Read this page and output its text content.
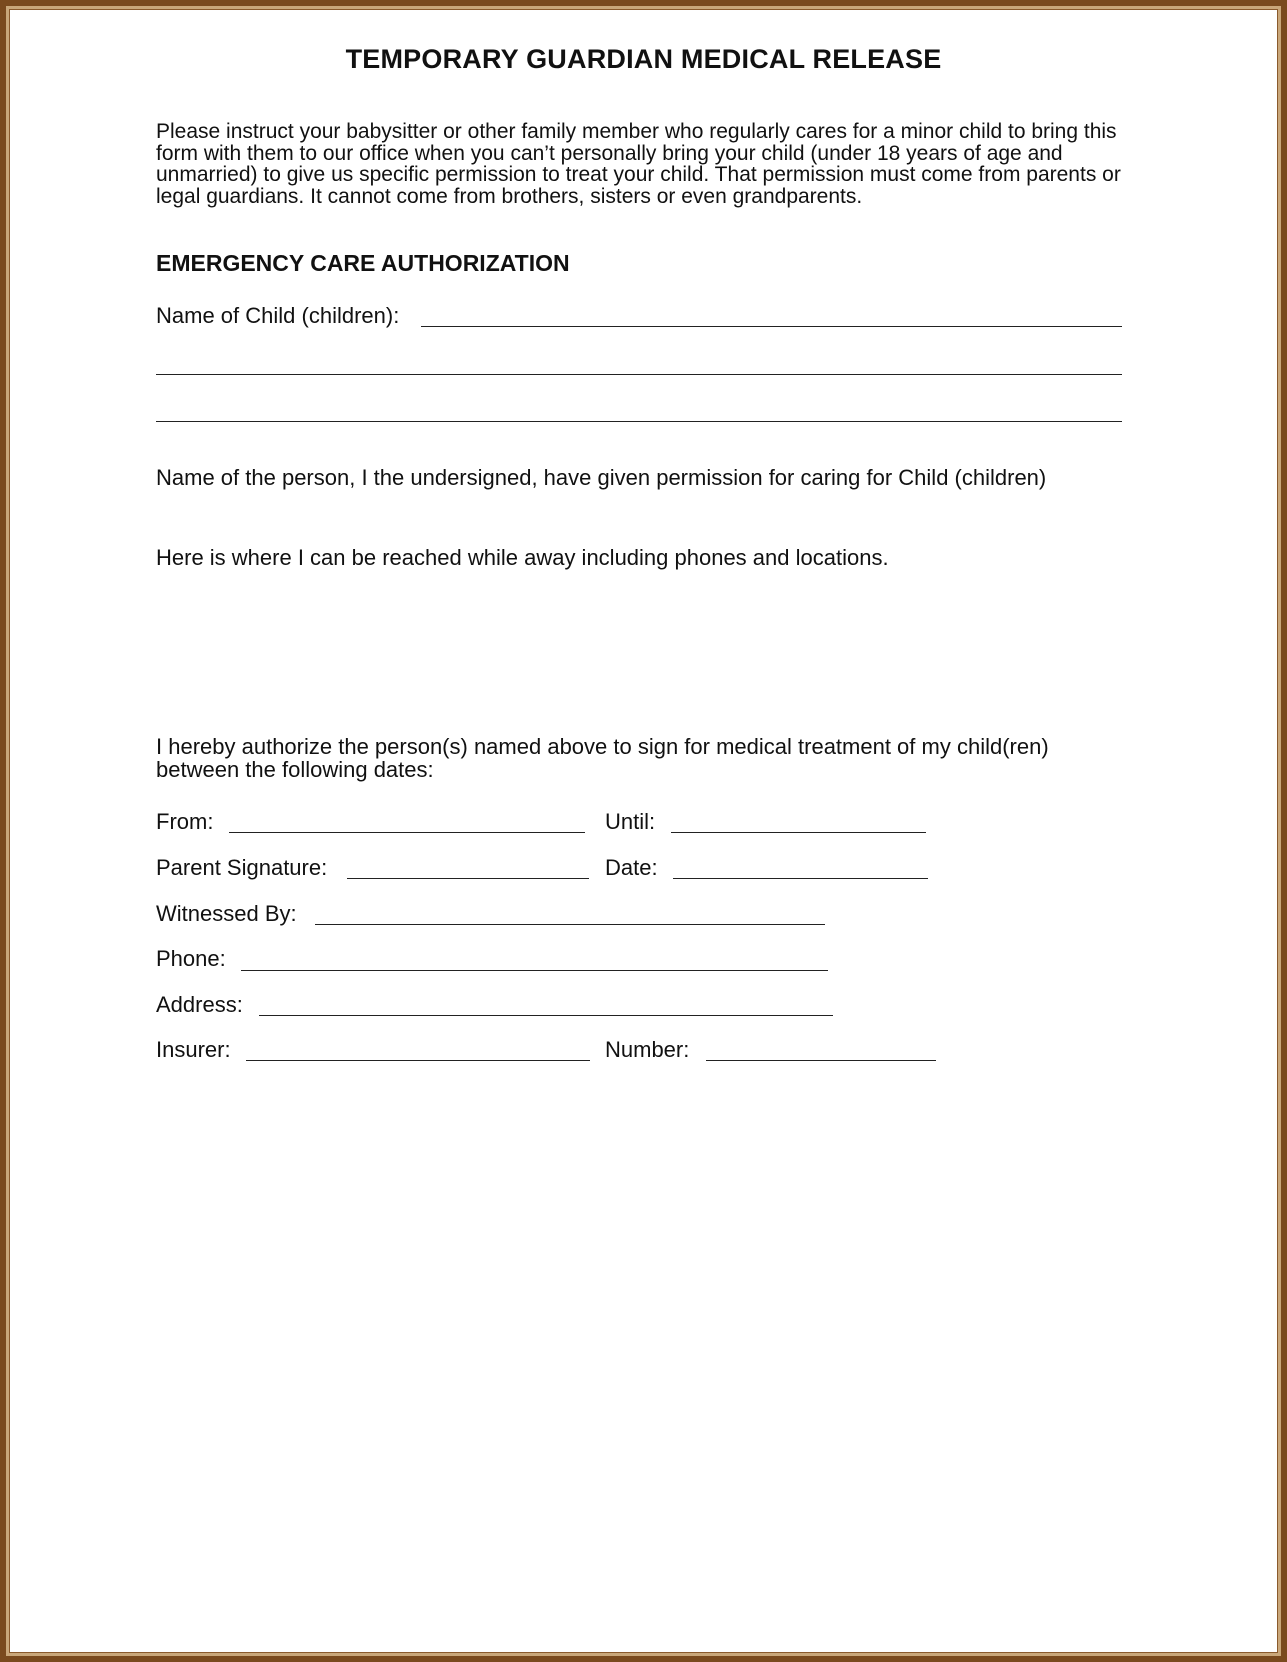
TEMPORARY GUARDIAN MEDICAL RELEASE
Please instruct your babysitter or other family member who regularly cares for a minor child to bring this form with them to our office when you can’t personally bring your child (under 18 years of age and unmarried) to give us specific permission to treat your child. That permission must come from parents or legal guardians. It cannot come from brothers, sisters or even grandparents.
EMERGENCY CARE AUTHORIZATION
Name of Child (children):
Name of the person, I the undersigned, have given permission for caring for Child (children)
Here is where I can be reached while away including phones and locations.
I hereby authorize the person(s) named above to sign for medical treatment of my child(ren)
between the following dates:
From:	Until:
Parent Signature:	Date:
Witnessed By:
Phone:
Address:
Insurer:	Number:
